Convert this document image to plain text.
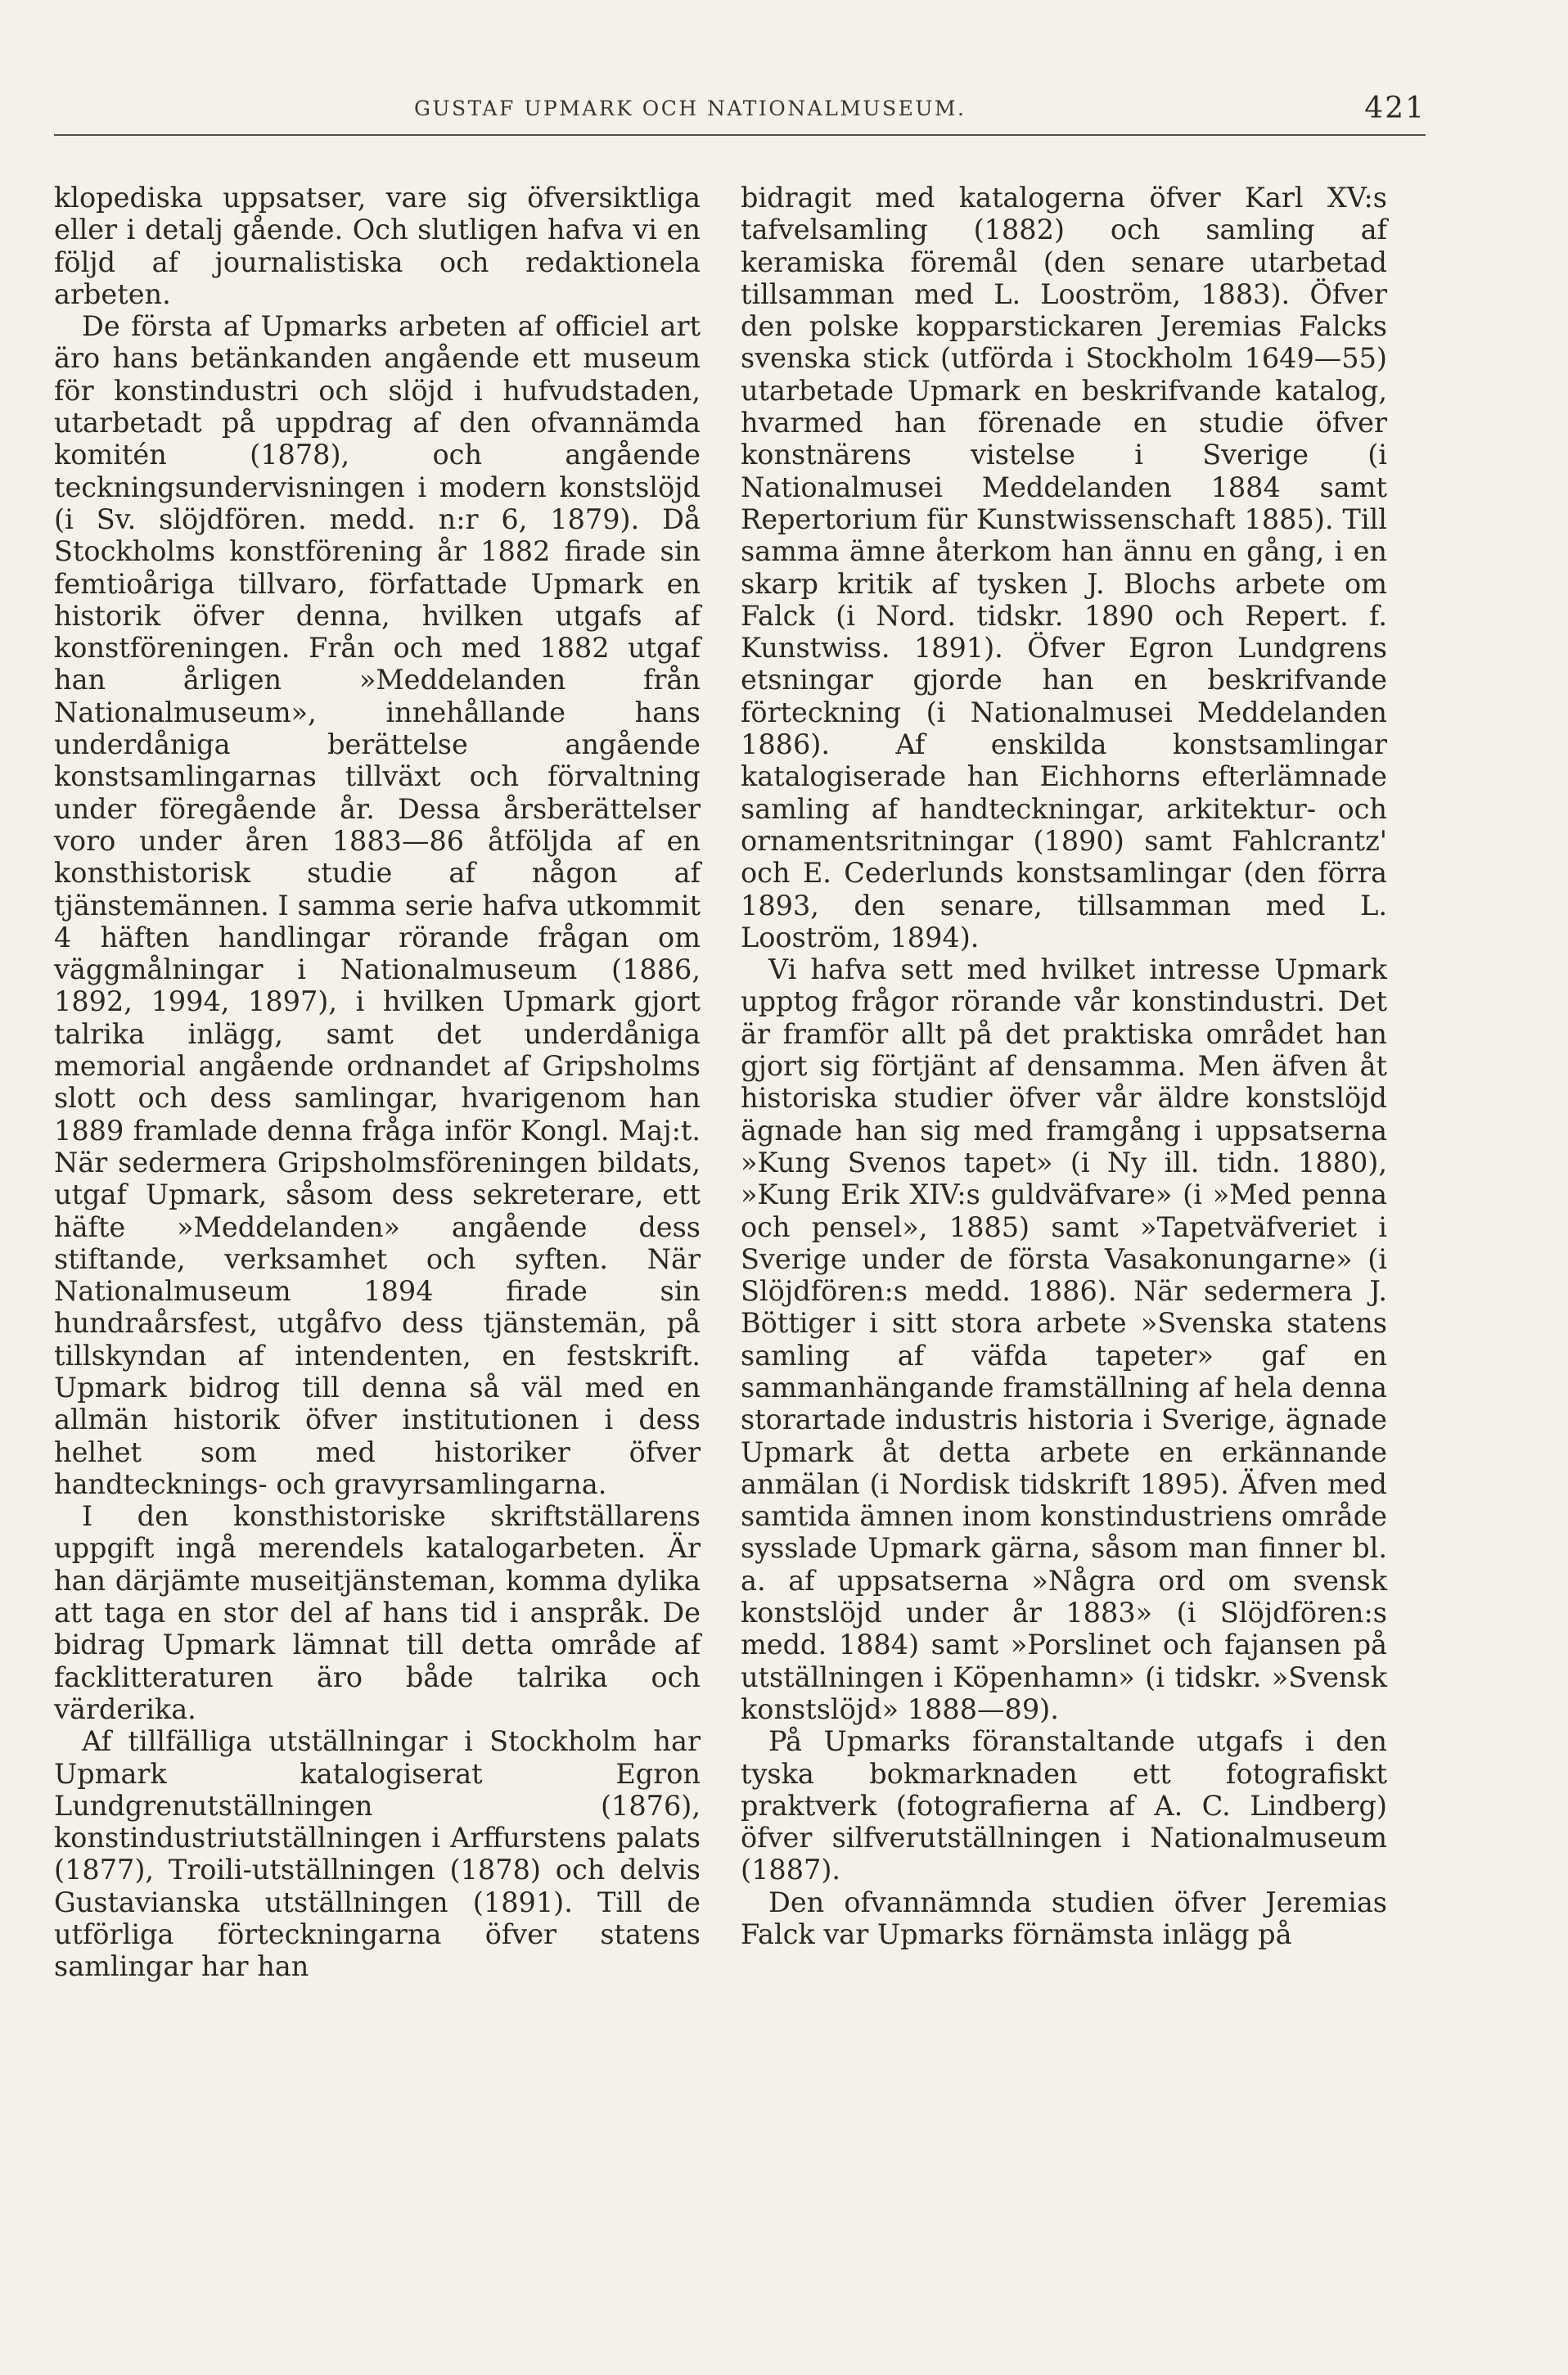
GUSTAF UPMARK OCH NATIONALMUSEUM.	421

klopediska uppsatser, vare sig öfversiktliga eller i detalj gående. Och slutligen hafva vi en följd af journalistiska och redaktionela arbeten.

De första af Upmarks arbeten af officiel art äro hans betänkanden angående ett museum för konstindustri och slöjd i hufvudstaden, utarbetadt på uppdrag af den ofvannämda komitén (1878), och angående teckningsundervisningen i modern konstslöjd (i Sv. slöjdfören. medd. n:r 6, 1879). Då Stockholms konstförening år 1882 firade sin femtioåriga tillvaro, författade Upmark en historik öfver denna, hvilken utgafs af konstföreningen. Från och med 1882 utgaf han årligen »Meddelanden från Nationalmuseum», innehållande hans underdåniga berättelse angående konstsamlingarnas tillväxt och förvaltning under föregående år. Dessa årsberättelser voro under åren 1883—86 åtföljda af en konsthistorisk studie af någon af tjänstemännen. I samma serie hafva utkommit 4 häften handlingar rörande frågan om väggmålningar i Nationalmuseum (1886, 1892, 1994, 1897), i hvilken Upmark gjort talrika inlägg, samt det underdåniga memorial angående ordnandet af Gripsholms slott och dess samlingar, hvarigenom han 1889 framlade denna fråga inför Kongl. Maj:t. När sedermera Gripsholmsföreningen bildats, utgaf Upmark, såsom dess sekreterare, ett häfte »Meddelanden» angående dess stiftande, verksamhet och syften. När Nationalmuseum 1894 firade sin hundraårsfest, utgåfvo dess tjänstemän, på tillskyndan af intendenten, en festskrift. Upmark bidrog till denna så väl med en allmän historik öfver institutionen i dess helhet som med historiker öfver handtecknings- och gravyrsamlingarna.

I den konsthistoriske skriftställarens uppgift ingå merendels katalogarbeten. Är han därjämte museitjänsteman, komma dylika att taga en stor del af hans tid i anspråk. De bidrag Upmark lämnat till detta område af facklitteraturen äro både talrika och värderika.

Af tillfälliga utställningar i Stockholm har Upmark katalogiserat Egron Lundgrenutställningen (1876), konstindustriutställningen i Arffurstens palats (1877), Troili-utställningen (1878) och delvis Gustavianska utställningen (1891). Till de utförliga förteckningarna öfver statens samlingar har han

bidragit med katalogerna öfver Karl XV:s tafvelsamling (1882) och samling af keramiska föremål (den senare utarbetad tillsamman med L. Looström, 1883). Öfver den polske kopparstickaren Jeremias Falcks svenska stick (utförda i Stockholm 1649—55) utarbetade Upmark en beskrifvande katalog, hvarmed han förenade en studie öfver konstnärens vistelse i Sverige (i Nationalmusei Meddelanden 1884 samt Repertorium für Kunstwissenschaft 1885). Till samma ämne återkom han ännu en gång, i en skarp kritik af tysken J. Blochs arbete om Falck (i Nord. tidskr. 1890 och Repert. f. Kunstwiss. 1891). Öfver Egron Lundgrens etsningar gjorde han en beskrifvande förteckning (i Nationalmusei Meddelanden 1886). Af enskilda konstsamlingar katalogiserade han Eichhorns efterlämnade samling af handteckningar, arkitektur- och ornamentsritningar (1890) samt Fahlcrantz' och E. Cederlunds konstsamlingar (den förra 1893, den senare, tillsamman med L. Looström, 1894).

Vi hafva sett med hvilket intresse Upmark upptog frågor rörande vår konstindustri. Det är framför allt på det praktiska området han gjort sig förtjänt af densamma. Men äfven åt historiska studier öfver vår äldre konstslöjd ägnade han sig med framgång i uppsatserna »Kung Svenos tapet» (i Ny ill. tidn. 1880), »Kung Erik XIV:s guldväfvare» (i »Med penna och pensel», 1885) samt »Tapetväfveriet i Sverige under de första Vasakonungarne» (i Slöjdfören:s medd. 1886). När sedermera J. Böttiger i sitt stora arbete »Svenska statens samling af väfda tapeter» gaf en sammanhängande framställning af hela denna storartade industris historia i Sverige, ägnade Upmark åt detta arbete en erkännande anmälan (i Nordisk tidskrift 1895). Äfven med samtida ämnen inom konstindustriens område sysslade Upmark gärna, såsom man finner bl. a. af uppsatserna »Några ord om svensk konstslöjd under år 1883» (i Slöjdfören:s medd. 1884) samt »Porslinet och fajansen på utställningen i Köpenhamn» (i tidskr. »Svensk konstslöjd» 1888—89).

På Upmarks föranstaltande utgafs i den tyska bokmarknaden ett fotografiskt praktverk (fotografierna af A. C. Lindberg) öfver silfverutställningen i Nationalmuseum (1887).

Den ofvannämnda studien öfver Jeremias Falck var Upmarks förnämsta inlägg på
